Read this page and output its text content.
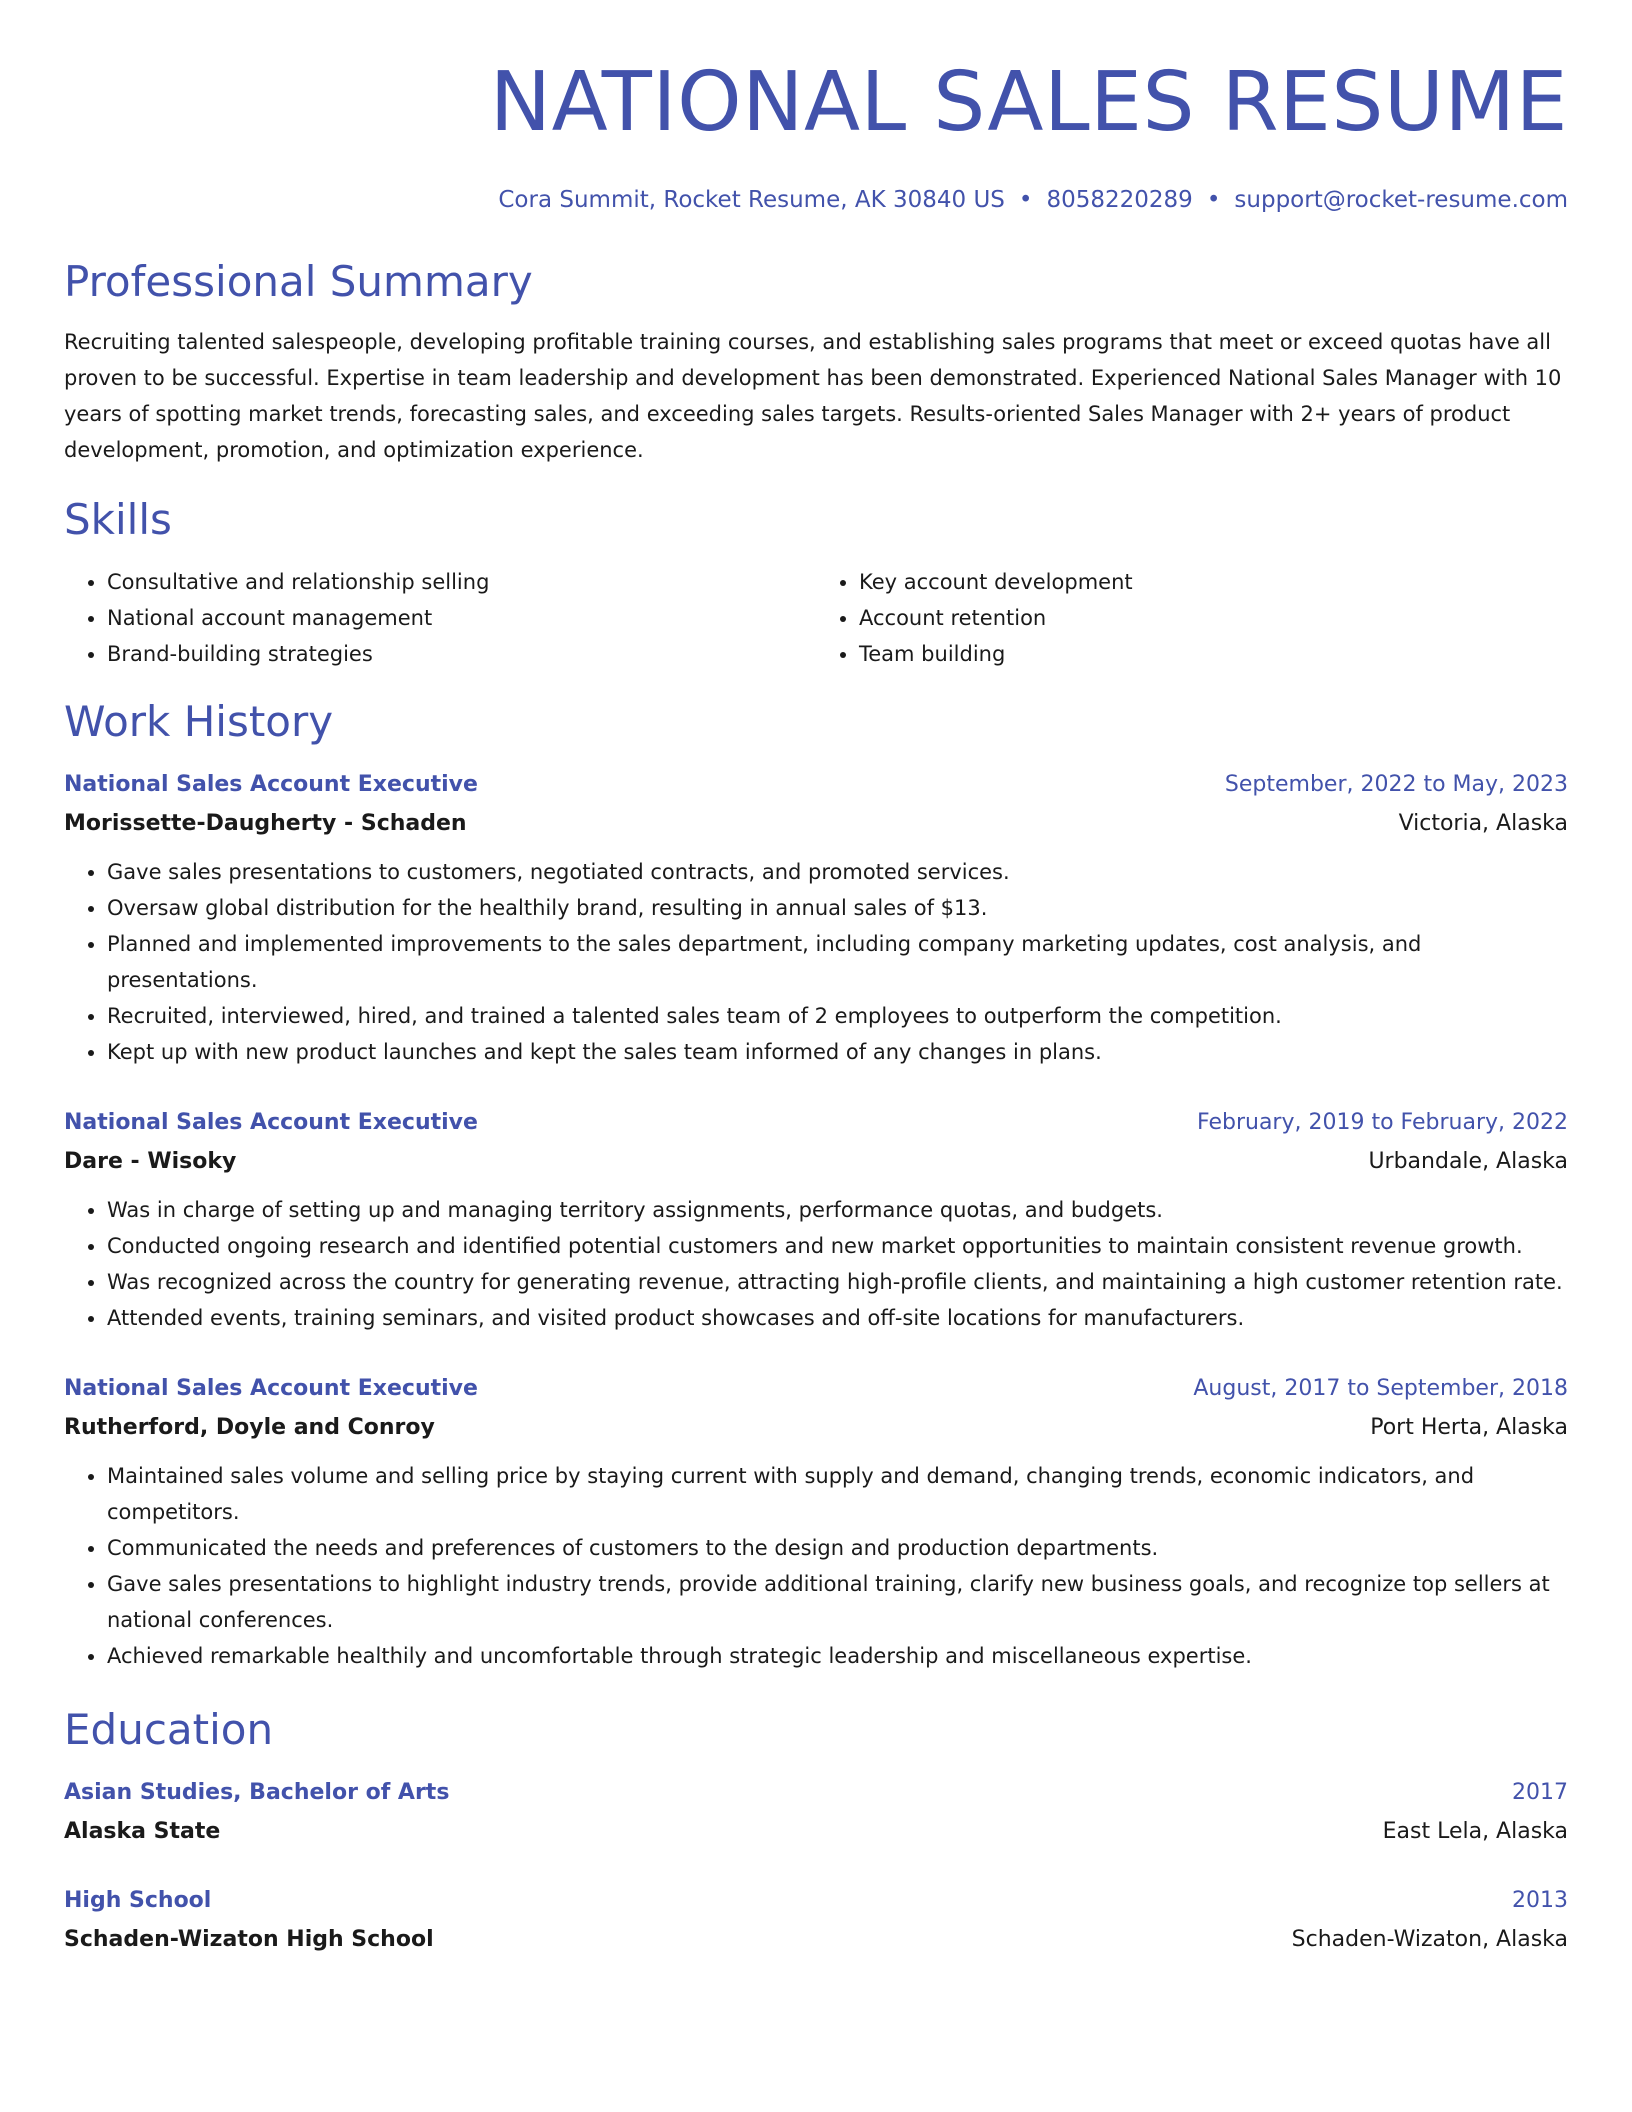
NATIONAL SALES RESUME
Cora Summit, Rocket Resume, AK 30840 US • 8058220289 • support@rocket-resume.com
Professional Summary
Recruiting talented salespeople, developing profitable training courses, and establishing sales programs that meet or exceed quotas have all proven to be successful. Expertise in team leadership and development has been demonstrated. Experienced National Sales Manager with 10 years of spotting market trends, forecasting sales, and exceeding sales targets. Results-oriented Sales Manager with 2+ years of product development, promotion, and optimization experience.
Skills
• Consultative and relationship selling
• National account management
• Brand-building strategies
• Key account development
• Account retention
• Team building
Work History
National Sales Account Executive	September, 2022 to May, 2023
Morissette-Daugherty - Schaden	Victoria, Alaska
• Gave sales presentations to customers, negotiated contracts, and promoted services.
• Oversaw global distribution for the healthily brand, resulting in annual sales of $13.
• Planned and implemented improvements to the sales department, including company marketing updates, cost analysis, and presentations.
• Recruited, interviewed, hired, and trained a talented sales team of 2 employees to outperform the competition.
• Kept up with new product launches and kept the sales team informed of any changes in plans.
National Sales Account Executive	February, 2019 to February, 2022
Dare - Wisoky	Urbandale, Alaska
• Was in charge of setting up and managing territory assignments, performance quotas, and budgets.
• Conducted ongoing research and identified potential customers and new market opportunities to maintain consistent revenue growth.
• Was recognized across the country for generating revenue, attracting high-profile clients, and maintaining a high customer retention rate.
• Attended events, training seminars, and visited product showcases and off-site locations for manufacturers.
National Sales Account Executive	August, 2017 to September, 2018
Rutherford, Doyle and Conroy	Port Herta, Alaska
• Maintained sales volume and selling price by staying current with supply and demand, changing trends, economic indicators, and competitors.
• Communicated the needs and preferences of customers to the design and production departments.
• Gave sales presentations to highlight industry trends, provide additional training, clarify new business goals, and recognize top sellers at national conferences.
• Achieved remarkable healthily and uncomfortable through strategic leadership and miscellaneous expertise.
Education
Asian Studies, Bachelor of Arts	2017
Alaska State	East Lela, Alaska
High School	2013
Schaden-Wizaton High School	Schaden-Wizaton, Alaska
